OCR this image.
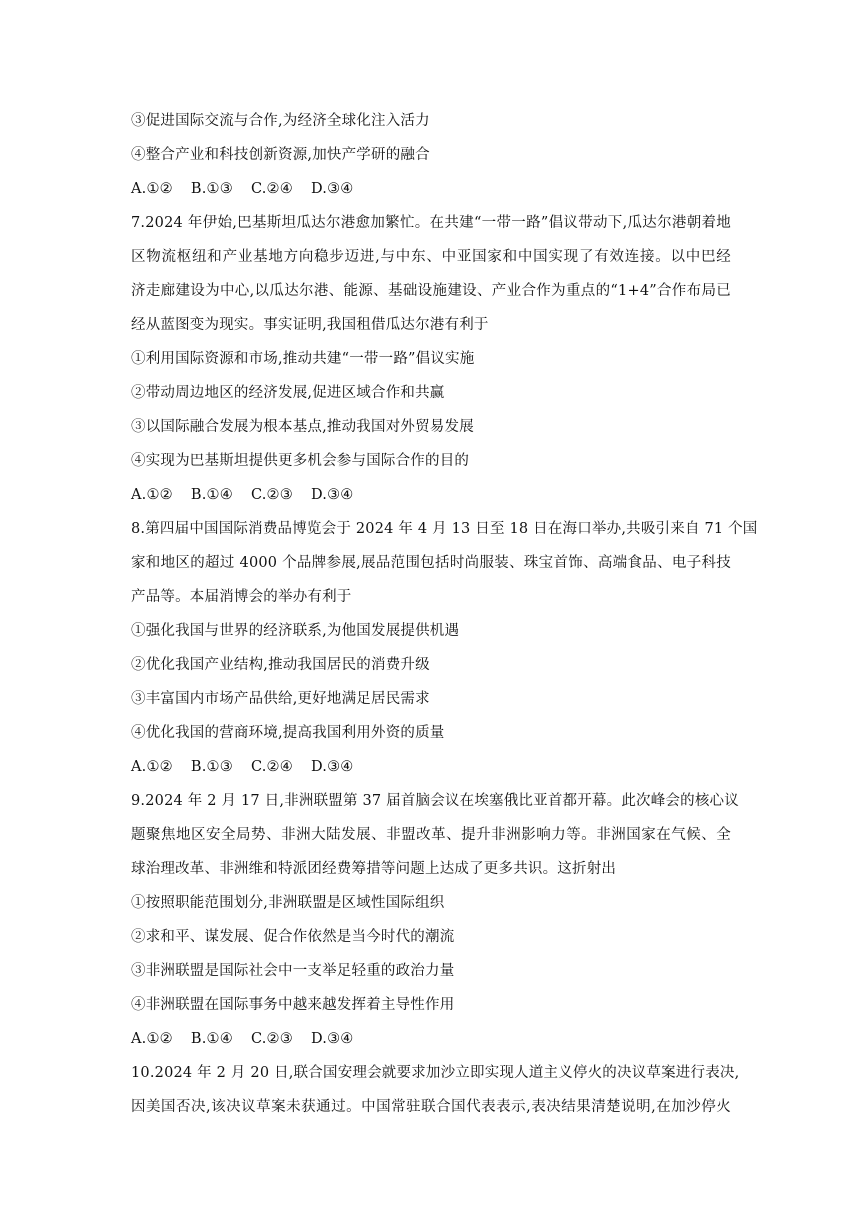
③促进国际交流与合作,为经济全球化注入活力
④整合产业和科技创新资源,加快产学研的融合
A.①② B.①③ C.②④ D.③④
7.2024 年伊始,巴基斯坦瓜达尔港愈加繁忙。在共建“一带一路”倡议带动下,瓜达尔港朝着地
区物流枢纽和产业基地方向稳步迈进,与中东、中亚国家和中国实现了有效连接。以中巴经
济走廊建设为中心,以瓜达尔港、能源、基础设施建设、产业合作为重点的“1+4”合作布局已
经从蓝图变为现实。事实证明,我国租借瓜达尔港有利于
①利用国际资源和市场,推动共建“一带一路”倡议实施
②带动周边地区的经济发展,促进区域合作和共赢
③以国际融合发展为根本基点,推动我国对外贸易发展
④实现为巴基斯坦提供更多机会参与国际合作的目的
A.①② B.①④ C.②③ D.③④
8.第四届中国国际消费品博览会于 2024 年 4 月 13 日至 18 日在海口举办,共吸引来自 71 个国
家和地区的超过 4000 个品牌参展,展品范围包括时尚服装、珠宝首饰、高端食品、电子科技
产品等。本届消博会的举办有利于
①强化我国与世界的经济联系,为他国发展提供机遇
②优化我国产业结构,推动我国居民的消费升级
③丰富国内市场产品供给,更好地满足居民需求
④优化我国的营商环境,提高我国利用外资的质量
A.①② B.①③ C.②④ D.③④
9.2024 年 2 月 17 日,非洲联盟第 37 届首脑会议在埃塞俄比亚首都开幕。此次峰会的核心议
题聚焦地区安全局势、非洲大陆发展、非盟改革、提升非洲影响力等。非洲国家在气候、全
球治理改革、非洲维和特派团经费筹措等问题上达成了更多共识。这折射出
①按照职能范围划分,非洲联盟是区域性国际组织
②求和平、谋发展、促合作依然是当今时代的潮流
③非洲联盟是国际社会中一支举足轻重的政治力量
④非洲联盟在国际事务中越来越发挥着主导性作用
A.①② B.①④ C.②③ D.③④
10.2024 年 2 月 20 日,联合国安理会就要求加沙立即实现人道主义停火的决议草案进行表决,
因美国否决,该决议草案未获通过。中国常驻联合国代表表示,表决结果清楚说明,在加沙停火
